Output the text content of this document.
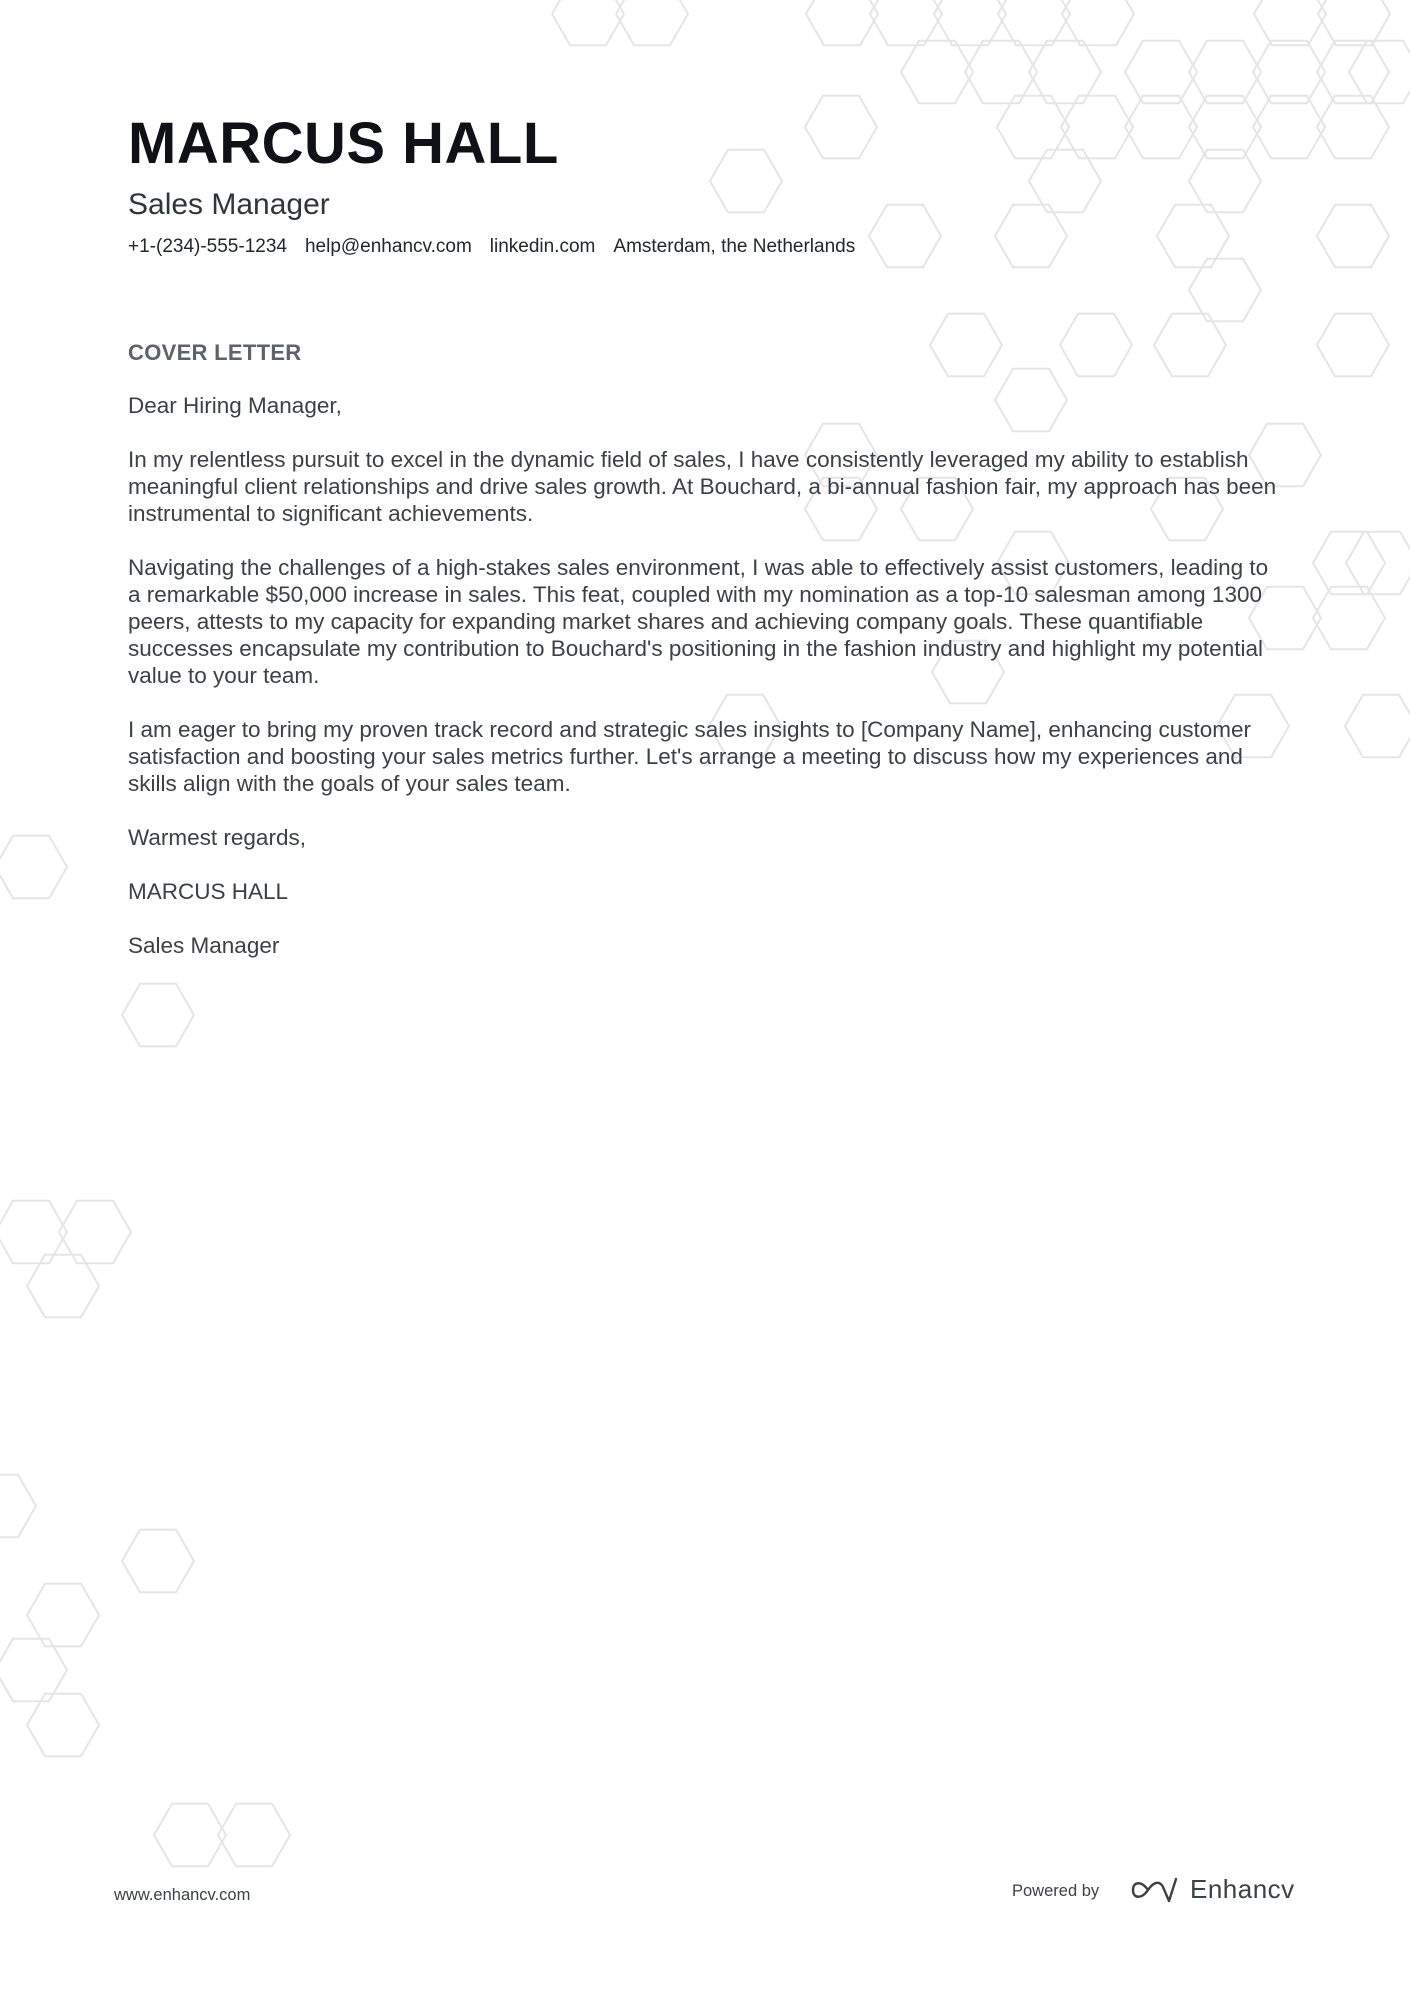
MARCUS HALL
Sales Manager
+1-(234)-555-1234 help@enhancv.com linkedin.com Amsterdam, the Netherlands
COVER LETTER

Dear Hiring Manager,

In my relentless pursuit to excel in the dynamic field of sales, I have consistently leveraged my ability to establish meaningful client relationships and drive sales growth. At Bouchard, a bi-annual fashion fair, my approach has been instrumental to significant achievements.

Navigating the challenges of a high-stakes sales environment, I was able to effectively assist customers, leading to a remarkable $50,000 increase in sales. This feat, coupled with my nomination as a top-10 salesman among 1300 peers, attests to my capacity for expanding market shares and achieving company goals. These quantifiable successes encapsulate my contribution to Bouchard's positioning in the fashion industry and highlight my potential value to your team.

I am eager to bring my proven track record and strategic sales insights to [Company Name], enhancing customer satisfaction and boosting your sales metrics further. Let's arrange a meeting to discuss how my experiences and skills align with the goals of your sales team.

Warmest regards,

MARCUS HALL

Sales Manager

www.enhancv.com	Powered by	Enhancv
